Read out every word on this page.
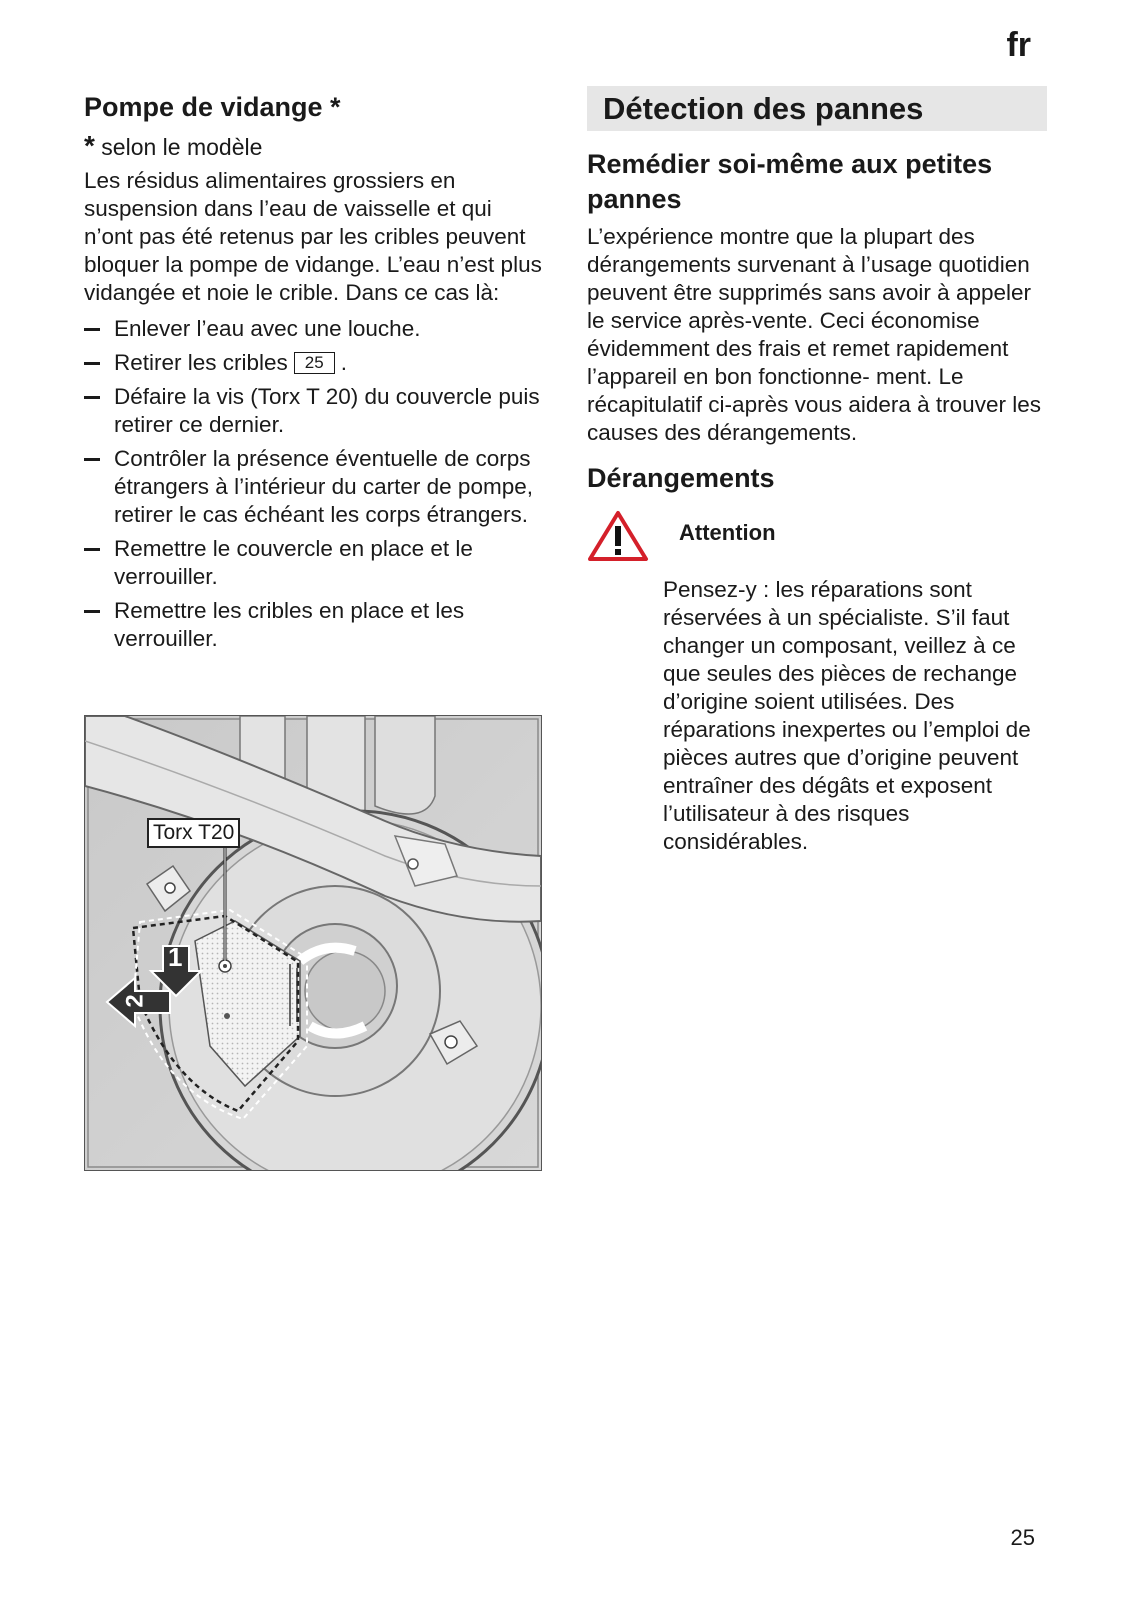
fr
Pompe de vidange *
* selon le modèle

Les résidus alimentaires grossiers en suspension dans l’eau de vaisselle et qui n’ont pas été retenus par les cribles peuvent bloquer la pompe de vidange. L’eau n’est plus vidangée et noie le crible. Dans ce cas là:

Enlever l’eau avec une louche.
Retirer les cribles 25 .
Défaire la vis (Torx T 20) du couvercle puis retirer ce dernier.
Contrôler la présence éventuelle de corps étrangers à l’intérieur du carter de pompe, retirer le cas échéant les corps étrangers.
Remettre le couvercle en place et le verrouiller.
Remettre les cribles en place et les verrouiller.
Torx T20
1
2
Détection des pannes
Remédier soi-même aux petites pannes

L’expérience montre que la plupart des dérangements survenant à l’usage quotidien peuvent être supprimés sans avoir à appeler le service après-vente. Ceci économise évidemment des frais et remet rapidement l’appareil en bon fonctionne- ment. Le récapitulatif ci-après vous aidera à trouver les causes des dérangements.

Dérangements
Attention

Pensez-y : les réparations sont réservées à un spécialiste. S’il faut changer un composant, veillez à ce que seules des pièces de rechange d’origine soient utilisées. Des réparations inexpertes ou l’emploi de pièces autres que d’origine peuvent entraîner des dégâts et exposent l’utilisateur à des risques considérables.

25
